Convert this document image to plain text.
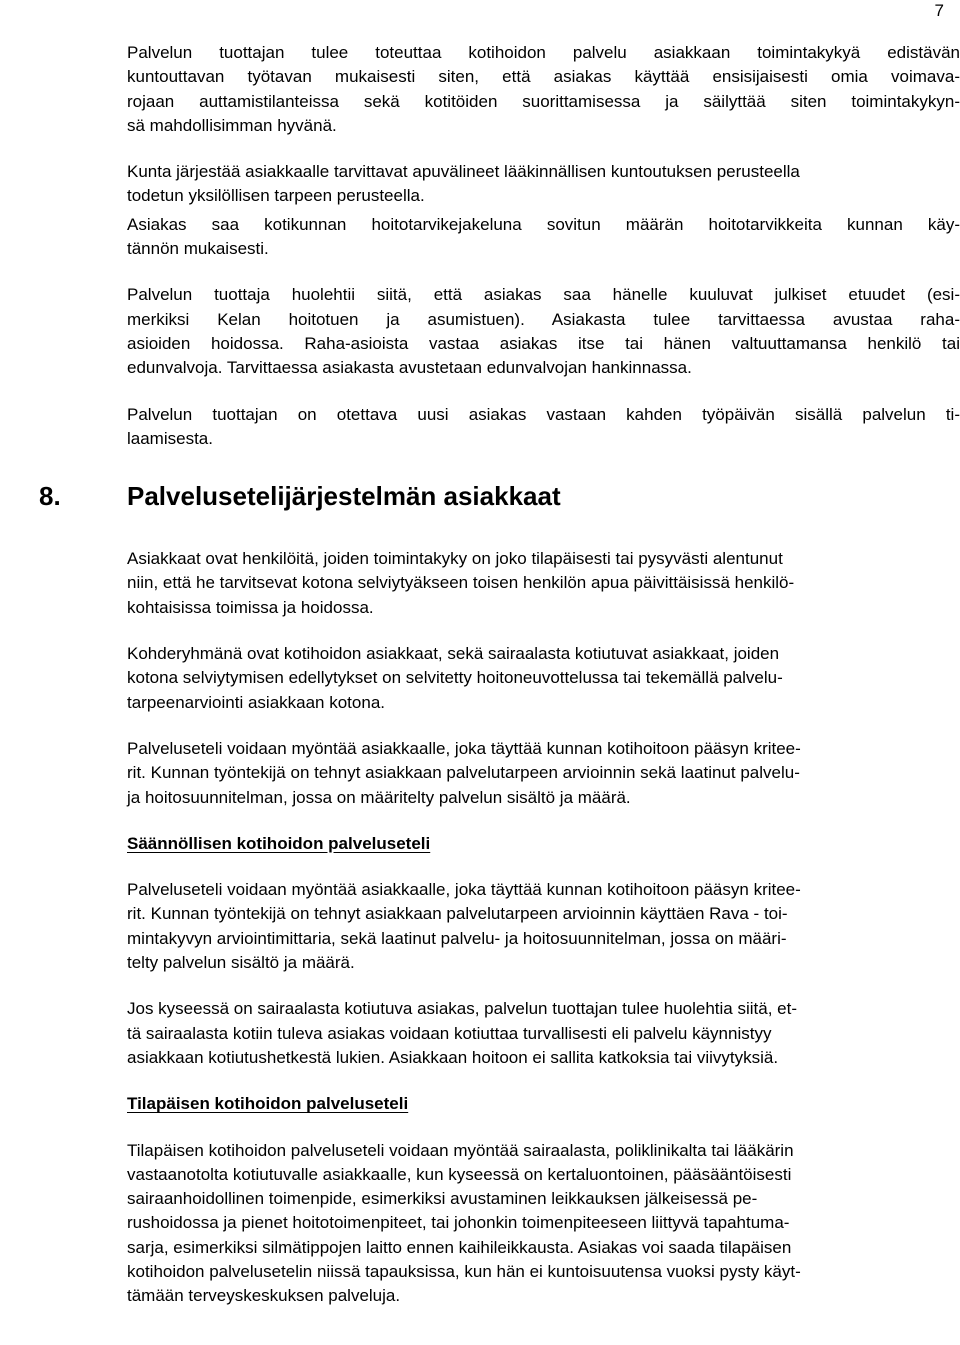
7
Palvelun tuottajan tulee toteuttaa kotihoidon palvelu asiakkaan toimintakykyä edistävän
kuntouttavan työtavan mukaisesti siten, että asiakas käyttää ensisijaisesti omia voimava-
rojaan auttamistilanteissa sekä kotitöiden suorittamisessa ja säilyttää siten toimintakykyn-
sä mahdollisimman hyvänä.
Kunta järjestää asiakkaalle tarvittavat apuvälineet lääkinnällisen kuntoutuksen perusteella
todetun yksilöllisen tarpeen perusteella.
Asiakas saa kotikunnan hoitotarvikejakeluna sovitun määrän hoitotarvikkeita kunnan käy-
tännön mukaisesti.
Palvelun tuottaja huolehtii siitä, että asiakas saa hänelle kuuluvat julkiset etuudet (esi-
merkiksi Kelan hoitotuen ja asumistuen). Asiakasta tulee tarvittaessa avustaa raha-
asioiden hoidossa. Raha-asioista vastaa asiakas itse tai hänen valtuuttamansa henkilö tai
edunvalvoja. Tarvittaessa asiakasta avustetaan edunvalvojan hankinnassa.
Palvelun tuottajan on otettava uusi asiakas vastaan kahden työpäivän sisällä palvelun ti-
laamisesta.
8.	Palvelusetelijärjestelmän asiakkaat
Asiakkaat ovat henkilöitä, joiden toimintakyky on joko tilapäisesti tai pysyvästi alentunut
niin, että he tarvitsevat kotona selviytyäkseen toisen henkilön apua päivittäisissä henkilö-
kohtaisissa toimissa ja hoidossa.
Kohderyhmänä ovat kotihoidon asiakkaat, sekä sairaalasta kotiutuvat asiakkaat, joiden
kotona selviytymisen edellytykset on selvitetty hoitoneuvottelussa tai tekemällä palvelu-
tarpeenarviointi asiakkaan kotona.
Palveluseteli voidaan myöntää asiakkaalle, joka täyttää kunnan kotihoitoon pääsyn kritee-
rit. Kunnan työntekijä on tehnyt asiakkaan palvelutarpeen arvioinnin sekä laatinut palvelu-
ja hoitosuunnitelman, jossa on määritelty palvelun sisältö ja määrä.
Säännöllisen kotihoidon palveluseteli
Palveluseteli voidaan myöntää asiakkaalle, joka täyttää kunnan kotihoitoon pääsyn kritee-
rit. Kunnan työntekijä on tehnyt asiakkaan palvelutarpeen arvioinnin käyttäen Rava - toi-
mintakyvyn arviointimittaria, sekä laatinut palvelu- ja hoitosuunnitelman, jossa on määri-
telty palvelun sisältö ja määrä.
Jos kyseessä on sairaalasta kotiutuva asiakas, palvelun tuottajan tulee huolehtia siitä, et-
tä sairaalasta kotiin tuleva asiakas voidaan kotiuttaa turvallisesti eli palvelu käynnistyy
asiakkaan kotiutushetkestä lukien. Asiakkaan hoitoon ei sallita katkoksia tai viivytyksiä.
Tilapäisen kotihoidon palveluseteli
Tilapäisen kotihoidon palveluseteli voidaan myöntää sairaalasta, poliklinikalta tai lääkärin
vastaanotolta kotiutuvalle asiakkaalle, kun kyseessä on kertaluontoinen, pääsääntöisesti
sairaanhoidollinen toimenpide, esimerkiksi avustaminen leikkauksen jälkeisessä pe-
rushoidossa ja pienet hoitotoimenpiteet, tai johonkin toimenpiteeseen liittyvä tapahtuma-
sarja, esimerkiksi silmätippojen laitto ennen kaihileikkausta. Asiakas voi saada tilapäisen
kotihoidon palvelusetelin niissä tapauksissa, kun hän ei kuntoisuutensa vuoksi pysty käyt-
tämään terveyskeskuksen palveluja.
